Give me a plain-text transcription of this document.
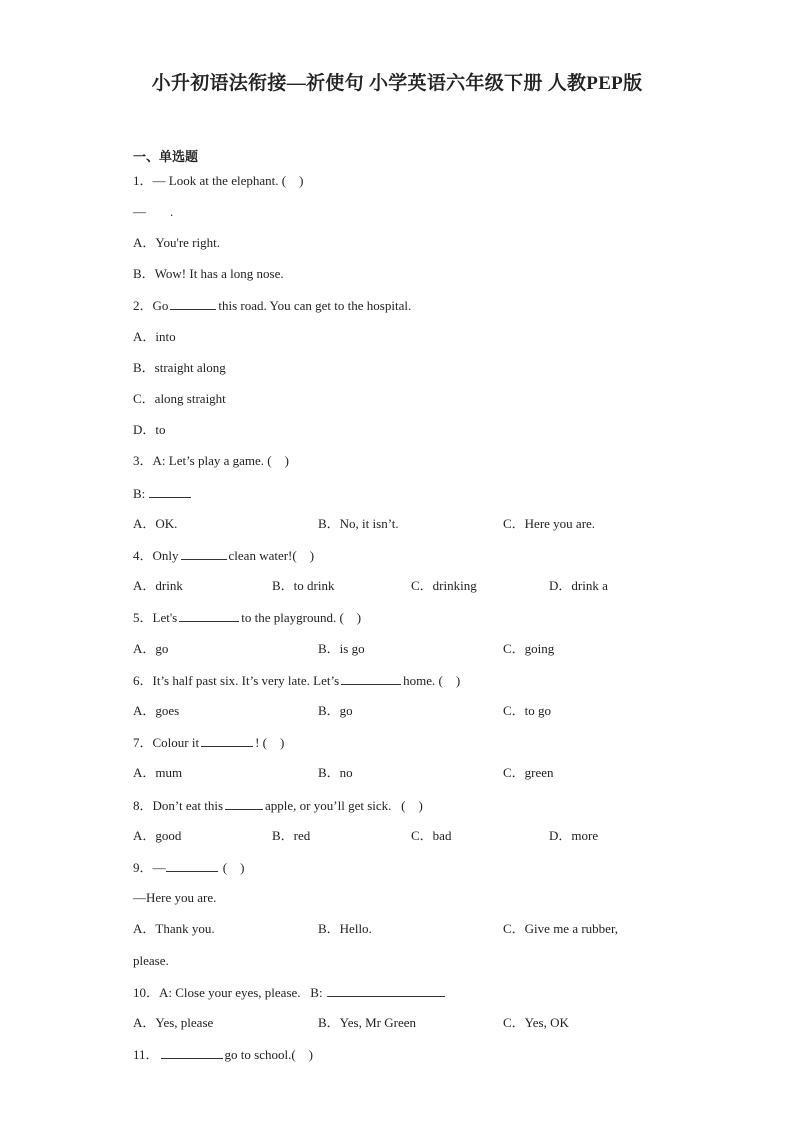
小升初语法衔接—祈使句 小学英语六年级下册 人教PEP版
一、单选题
1．— Look at the elephant. (    )
— .
A．You're right.
B．Wow! It has a long nose.
2．Go	this road. You can get to the hospital.
A．into
B．straight along
C．along straight
D．to
3．A: Let’s play a game. (    )
B:
A．OK.	B．No, it isn’t.	C．Here you are.
4．Only	clean water!(    )
A．drink	B．to drink	C．drinking	D．drink a
5．Let's	to the playground. (    )
A．go	B．is go	C．going
6．It’s half past six. It’s very late. Let’s	home. (    )
A．goes	B．go	C．to go
7．Colour it	! (    )
A．mum	B．no	C．green
8．Don’t eat this	apple, or you’ll get sick.   (    )
A．good	B．red	C．bad	D．more
9．—	(    )
—Here you are.
A．Thank you.	B．Hello.	C．Give me a rubber,
please.
10．A: Close your eyes, please.   B:
A．Yes, please	B．Yes, Mr Green	C．Yes, OK
11．	go to school.(    )
